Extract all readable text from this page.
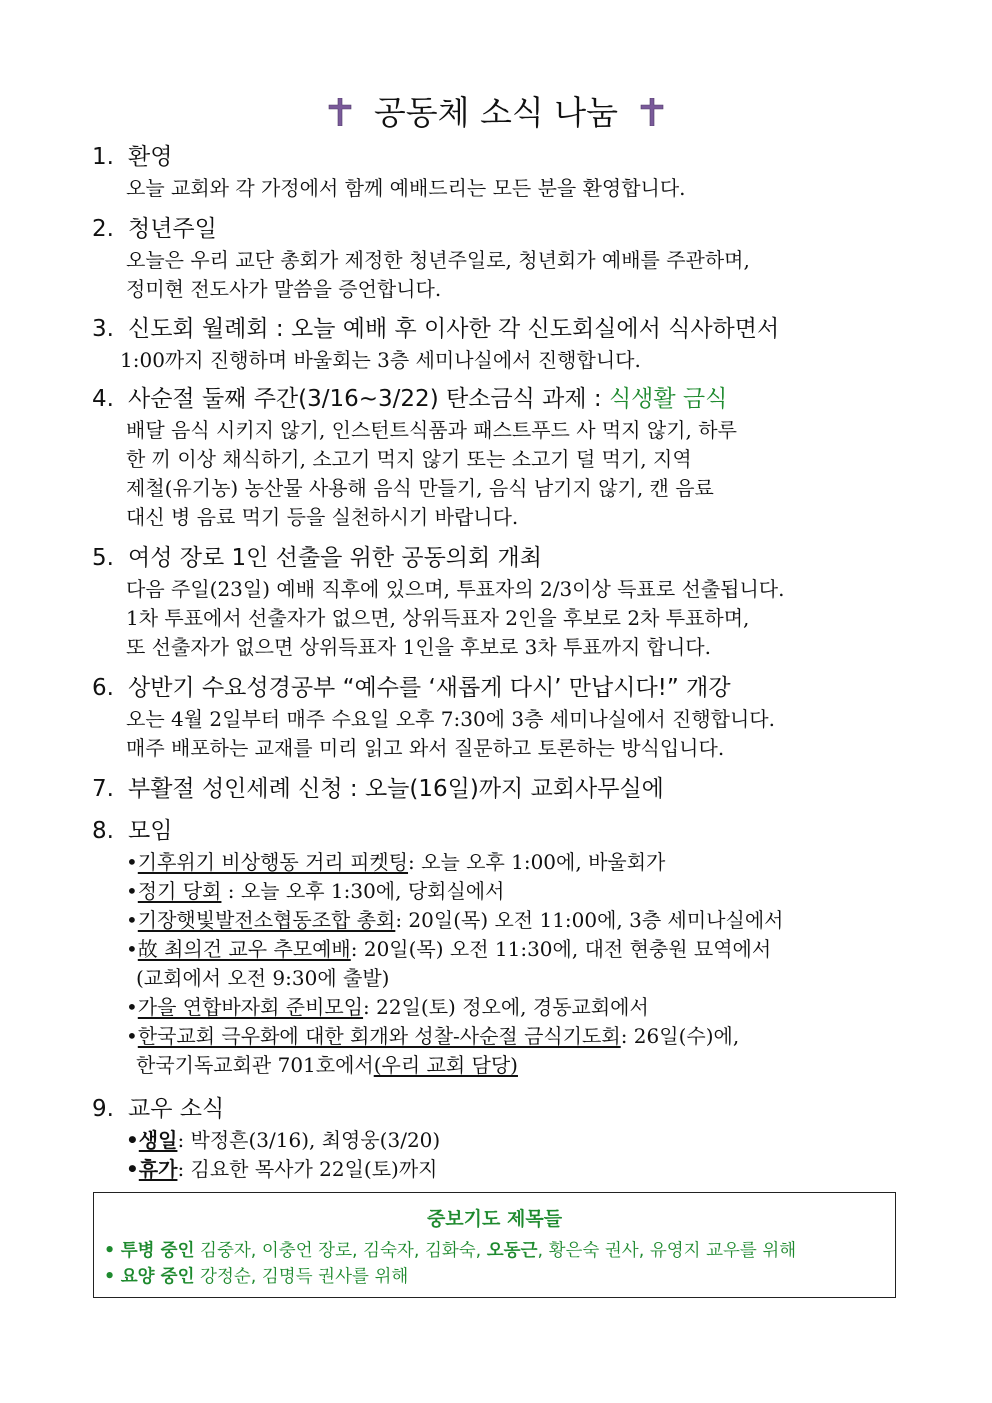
공동체 소식 나눔
1. 환영
오늘 교회와 각 가정에서 함께 예배드리는 모든 분을 환영합니다.
2. 청년주일
오늘은 우리 교단 총회가 제정한 청년주일로, 청년회가 예배를 주관하며,
정미현 전도사가 말씀을 증언합니다.
3. 신도회 월례회 : 오늘 예배 후 이사한 각 신도회실에서 식사하면서
1:00까지 진행하며 바울회는 3층 세미나실에서 진행합니다.
4. 사순절 둘째 주간(3/16~3/22) 탄소금식 과제 : 식생활 금식
배달 음식 시키지 않기, 인스턴트식품과 패스트푸드 사 먹지 않기, 하루
한 끼 이상 채식하기, 소고기 먹지 않기 또는 소고기 덜 먹기, 지역
제철(유기농) 농산물 사용해 음식 만들기, 음식 남기지 않기, 캔 음료
대신 병 음료 먹기 등을 실천하시기 바랍니다.
5. 여성 장로 1인 선출을 위한 공동의회 개최
다음 주일(23일) 예배 직후에 있으며, 투표자의 2/3이상 득표로 선출됩니다.
1차 투표에서 선출자가 없으면, 상위득표자 2인을 후보로 2차 투표하며,
또 선출자가 없으면 상위득표자 1인을 후보로 3차 투표까지 합니다.
6. 상반기 수요성경공부 “예수를 ‘새롭게 다시’ 만납시다!” 개강
오는 4월 2일부터 매주 수요일 오후 7:30에 3층 세미나실에서 진행합니다.
매주 배포하는 교재를 미리 읽고 와서 질문하고 토론하는 방식입니다.
7. 부활절 성인세례 신청 : 오늘(16일)까지 교회사무실에
8. 모임
•기후위기 비상행동 거리 피켓팅: 오늘 오후 1:00에, 바울회가
•정기 당회 : 오늘 오후 1:30에, 당회실에서
•기장햇빛발전소협동조합 총회: 20일(목) 오전 11:00에, 3층 세미나실에서
•故 최의건 교우 추모예배: 20일(목) 오전 11:30에, 대전 현충원 묘역에서
(교회에서 오전 9:30에 출발)
•가을 연합바자회 준비모임: 22일(토) 정오에, 경동교회에서
•한국교회 극우화에 대한 회개와 성찰-사순절 금식기도회: 26일(수)에,
한국기독교회관 701호에서(우리 교회 담당)
9. 교우 소식
•생일: 박정흔(3/16), 최영웅(3/20)
•휴가: 김요한 목사가 22일(토)까지
중보기도 제목들
• 투병 중인 김중자, 이충언 장로, 김숙자, 김화숙, 오동근, 황은숙 권사, 유영지 교우를 위해
• 요양 중인 강정순, 김명득 권사를 위해
